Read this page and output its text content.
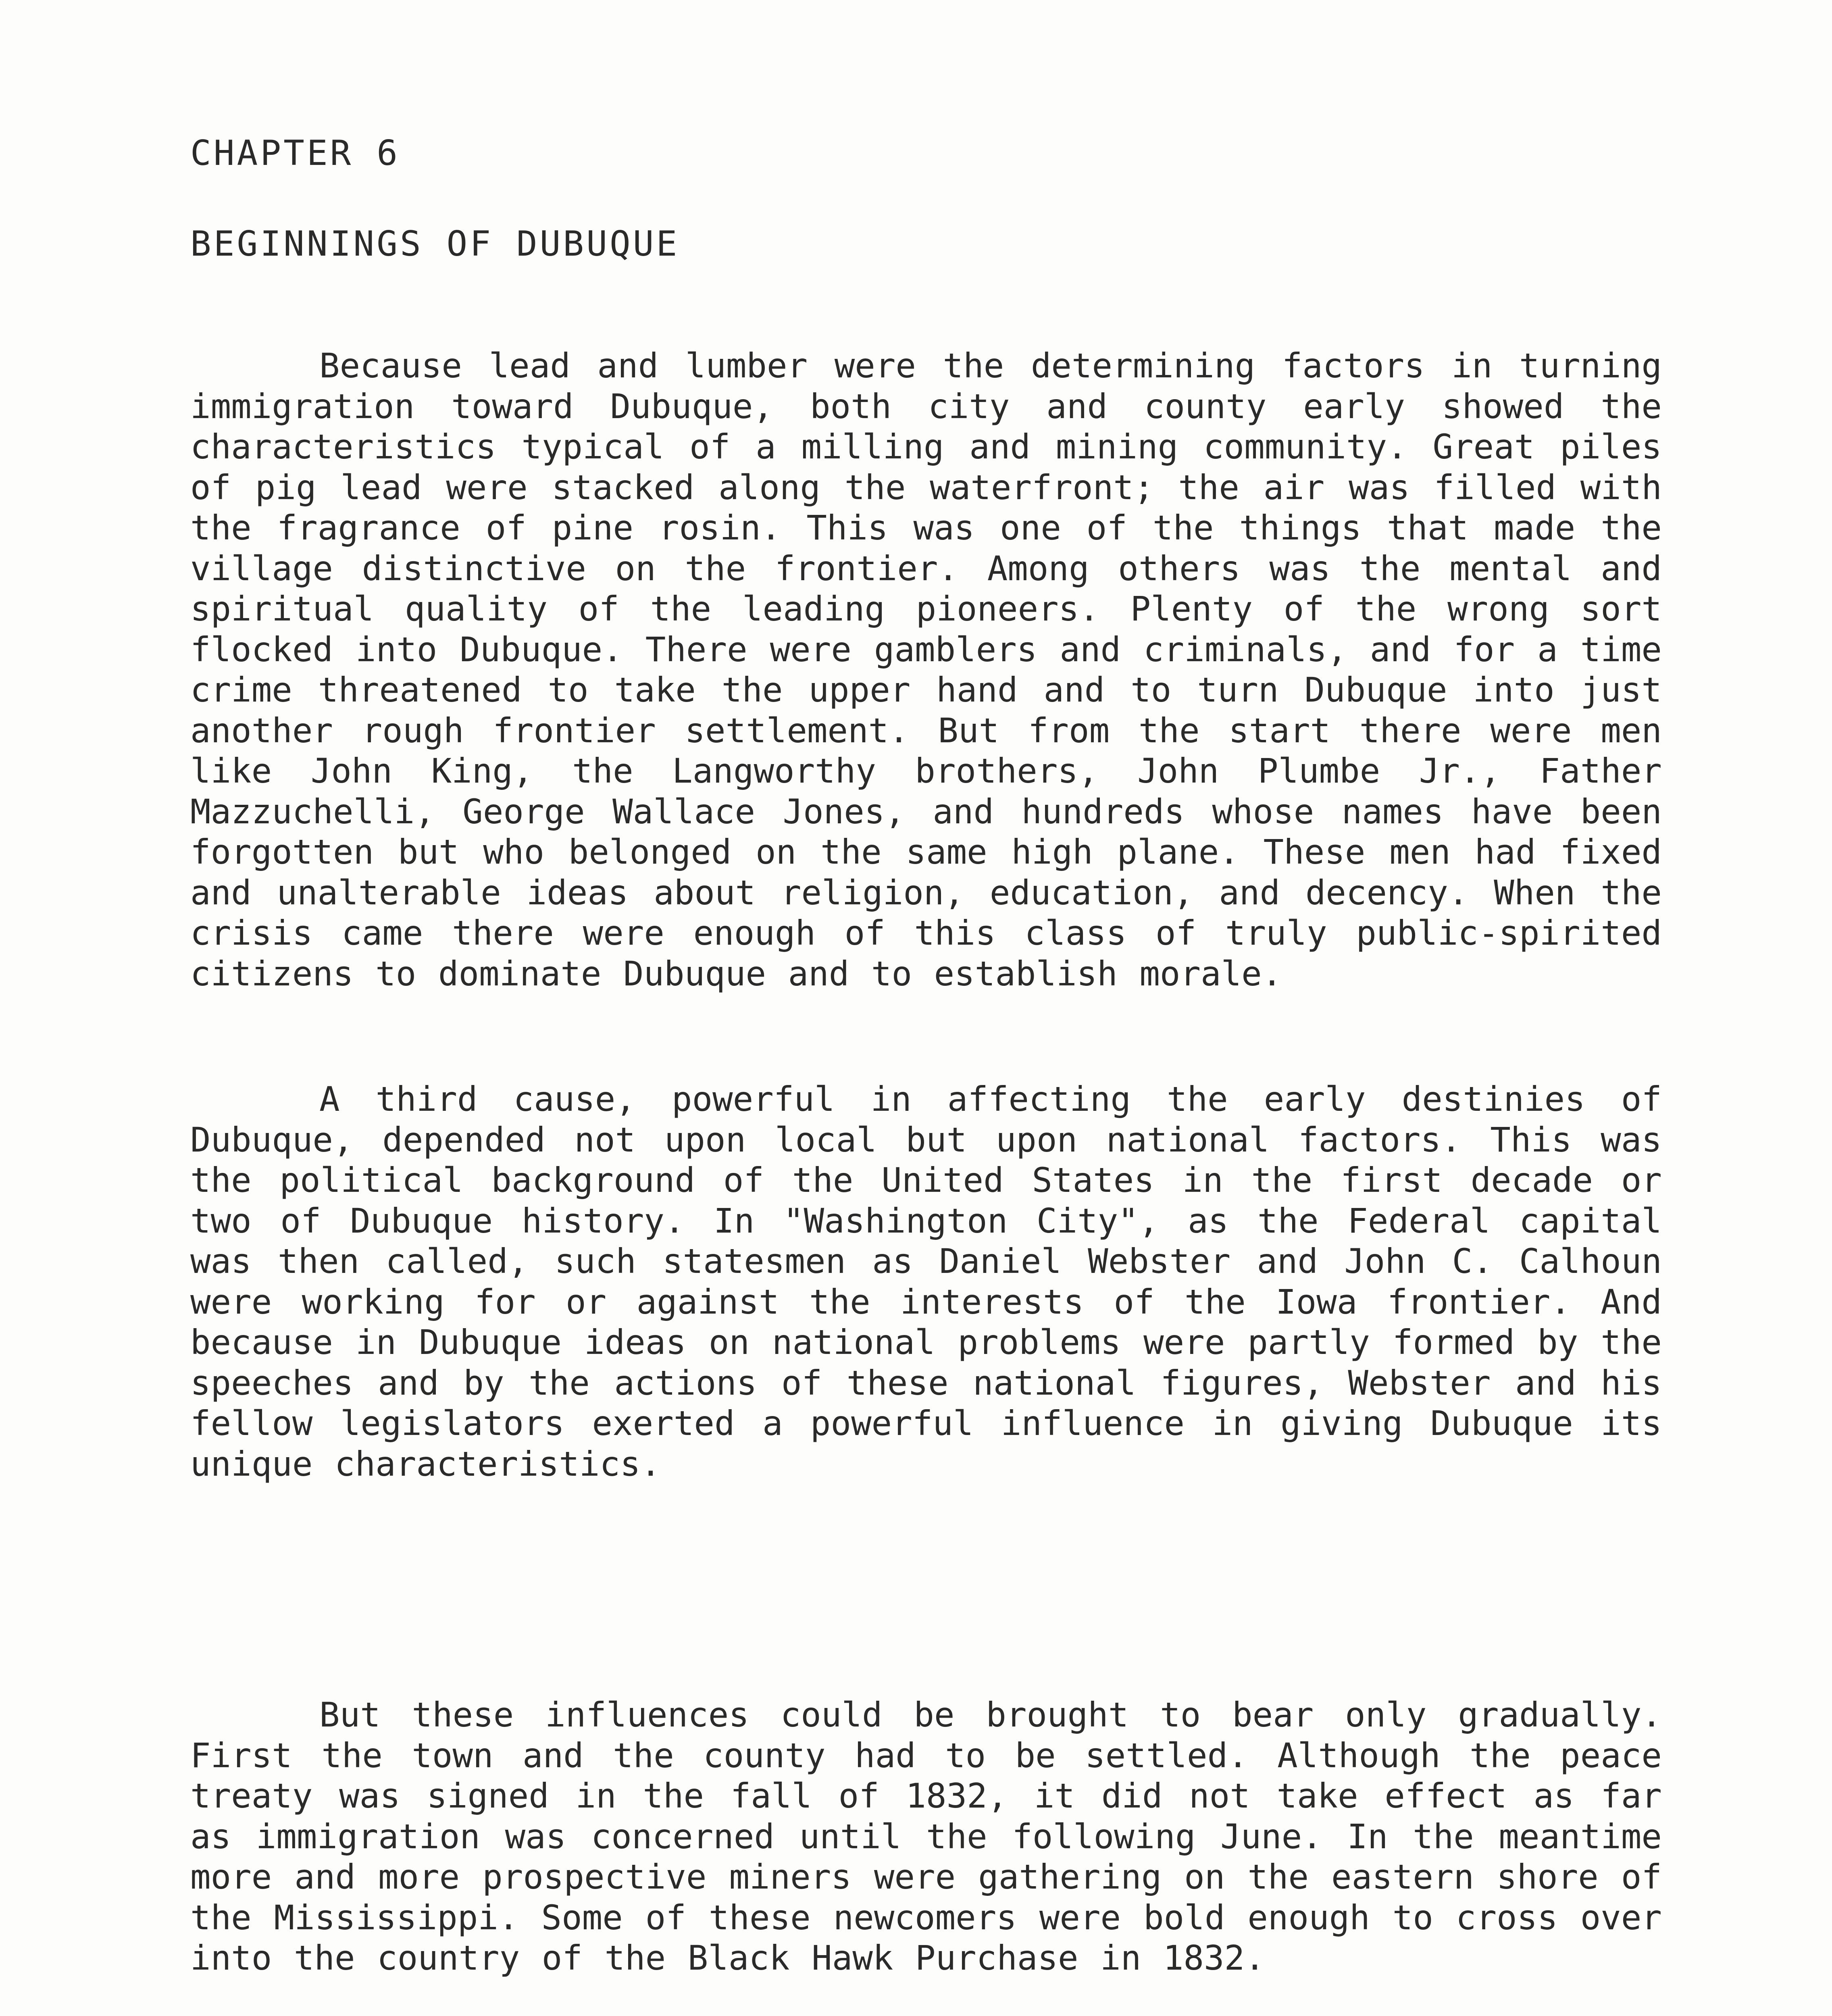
CHAPTER 6
BEGINNINGS OF DUBUQUE
Because lead and lumber were the determining factors in turning immigration toward Dubuque, both city and county early showed the characteristics typical of a milling and mining community. Great piles of pig lead were stacked along the waterfront; the air was filled with the fragrance of pine rosin. This was one of the things that made the village distinctive on the frontier. Among others was the mental and spiritual quality of the leading pioneers. Plenty of the wrong sort flocked into Dubuque. There were gamblers and criminals, and for a time crime threatened to take the upper hand and to turn Dubuque into just another rough frontier settlement. But from the start there were men like John King, the Langworthy brothers, John Plumbe Jr., Father Mazzuchelli, George Wallace Jones, and hundreds whose names have been forgotten but who belonged on the same high plane. These men had fixed and unalterable ideas about religion, education, and decency. When the crisis came there were enough of this class of truly public-spirited citizens to dominate Dubuque and to establish morale.
A third cause, powerful in affecting the early destinies of Dubuque, depended not upon local but upon national factors. This was the political background of the United States in the first decade or two of Dubuque history. In "Washington City", as the Federal capital was then called, such statesmen as Daniel Webster and John C. Calhoun were working for or against the interests of the Iowa frontier. And because in Dubuque ideas on national problems were partly formed by the speeches and by the actions of these national figures, Webster and his fellow legislators exerted a powerful influence in giving Dubuque its unique characteristics.
But these influences could be brought to bear only gradually. First the town and the county had to be settled. Although the peace treaty was signed in the fall of 1832, it did not take effect as far as immigration was concerned until the following June. In the meantime more and more prospective miners were gathering on the eastern shore of the Mississippi. Some of these newcomers were bold enough to cross over into the country of the Black Hawk Purchase in 1832.
